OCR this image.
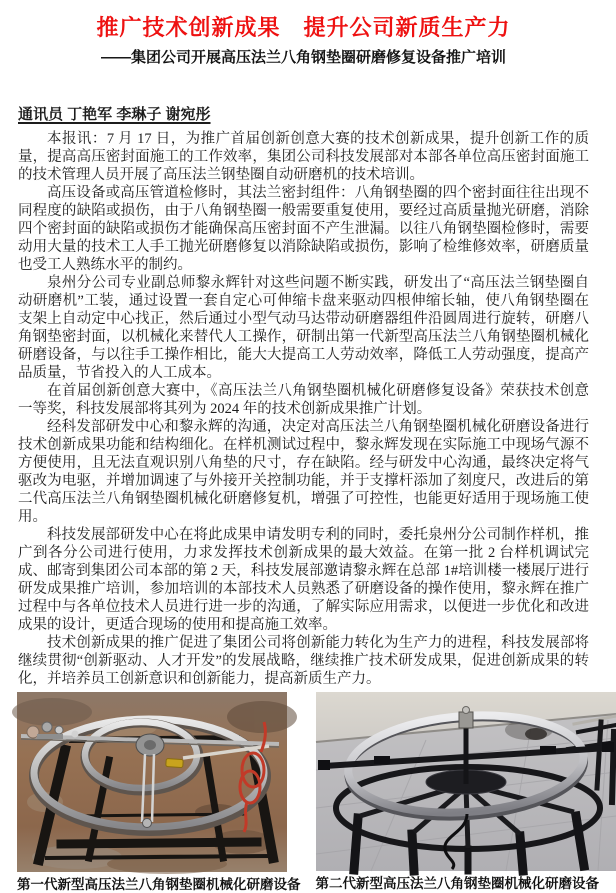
推广技术创新成果　提升公司新质生产力
——集团公司开展高压法兰八角钢垫圈研磨修复设备推广培训
通讯员 丁艳军 李琳子 谢宛彤

本报讯：7 月 17 日，为推广首届创新创意大赛的技术创新成果，提升创新工作的质量，提高高压密封面施工的工作效率，集团公司科技发展部对本部各单位高压密封面施工的技术管理人员开展了高压法兰钢垫圈自动研磨机的技术培训。

高压设备或高压管道检修时，其法兰密封组件：八角钢垫圈的四个密封面往往出现不同程度的缺陷或损伤，由于八角钢垫圈一般需要重复使用，要经过高质量抛光研磨，消除四个密封面的缺陷或损伤才能确保高压密封面不产生泄漏。以往八角钢垫圈检修时，需要动用大量的技术工人手工抛光研磨修复以消除缺陷或损伤，影响了检维修效率，研磨质量也受工人熟练水平的制约。

泉州分公司专业副总师黎永辉针对这些问题不断实践，研发出了“高压法兰钢垫圈自动研磨机”工装，通过设置一套自定心可伸缩卡盘来驱动四根伸缩长轴，使八角钢垫圈在支架上自动定中心找正，然后通过小型气动马达带动研磨器组件沿圆周进行旋转，研磨八角钢垫密封面，以机械化来替代人工操作，研制出第一代新型高压法兰八角钢垫圈机械化研磨设备，与以往手工操作相比，能大大提高工人劳动效率，降低工人劳动强度，提高产品质量，节省投入的人工成本。

在首届创新创意大赛中，《高压法兰八角钢垫圈机械化研磨修复设备》荣获技术创意一等奖，科技发展部将其列为 2024 年的技术创新成果推广计划。

经科发部研发中心和黎永辉的沟通，决定对高压法兰八角钢垫圈机械化研磨设备进行技术创新成果功能和结构细化。在样机测试过程中，黎永辉发现在实际施工中现场气源不方便使用，且无法直观识别八角垫的尺寸，存在缺陷。经与研发中心沟通，最终决定将气驱改为电驱，并增加调速了与外接开关控制功能，并于支撑杆添加了刻度尺，改进后的第二代高压法兰八角钢垫圈机械化研磨修复机，增强了可控性，也能更好适用于现场施工使用。

科技发展部研发中心在将此成果申请发明专利的同时，委托泉州分公司制作样机，推广到各分公司进行使用，力求发挥技术创新成果的最大效益。在第一批 2 台样机调试完成、邮寄到集团公司本部的第 2 天，科技发展部邀请黎永辉在总部 1#培训楼一楼展厅进行研发成果推广培训，参加培训的本部技术人员熟悉了研磨设备的操作使用，黎永辉在推广过程中与各单位技术人员进行进一步的沟通，了解实际应用需求，以便进一步优化和改进成果的设计，更适合现场的使用和提高施工效率。

技术创新成果的推广促进了集团公司将创新能力转化为生产力的进程，科技发展部将继续贯彻“创新驱动、人才开发”的发展战略，继续推广技术研发成果，促进创新成果的转化，并培养员工创新意识和创新能力，提高新质生产力。

第一代新型高压法兰八角钢垫圈机械化研磨设备 第二代新型高压法兰八角钢垫圈机械化研磨设备
